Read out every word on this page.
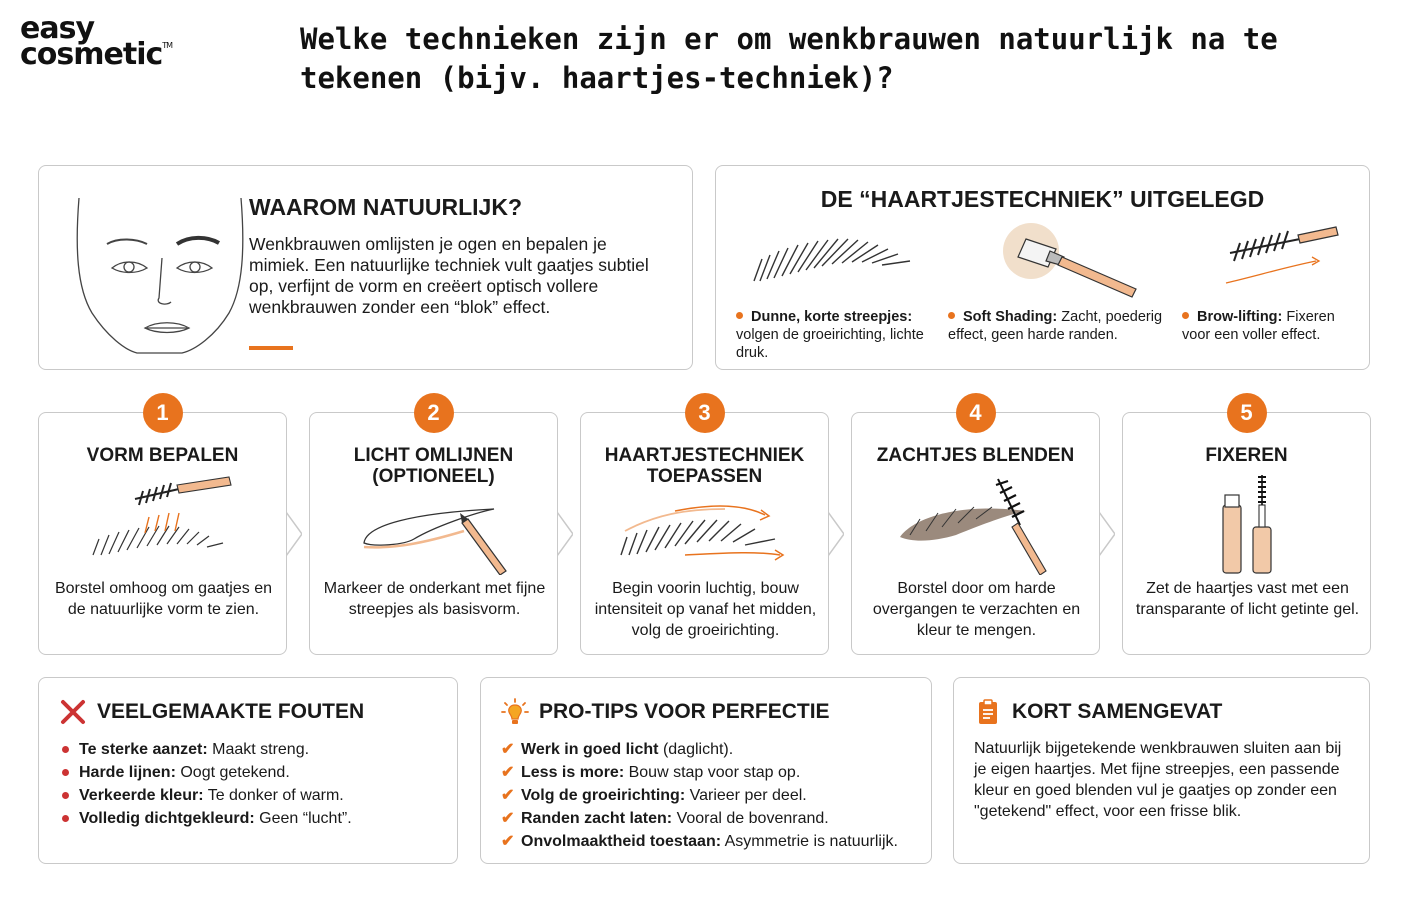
easy
cosmetic™	Welke technieken zijn er om wenkbrauwen natuurlijk na te tekenen (bijv. haartjes-techniek)?
WAAROM NATUURLIJK?

Wenkbrauwen omlijsten je ogen en bepalen je mimiek. Een natuurlijke techniek vult gaatjes subtiel op, verfijnt de vorm en creëert optisch vollere wenkbrauwen zonder een “blok” effect.

DE “HAARTJESTECHNIEK” UITGELEGD
Dunne, korte streepjes: volgen de groeirichting, lichte druk.
Soft Shading: Zacht, poederig effect, geen harde randen.
Brow-lifting: Fixeren voor een voller effect.
1
VORM BEPALEN
Borstel omhoog om gaatjes en de natuurlijke vorm te zien.
2
LICHT OMLIJNEN
(OPTIONEEL)
Markeer de onderkant met fijne streepjes als basisvorm.
3
HAARTJESTECHNIEK
TOEPASSEN
Begin voorin luchtig, bouw intensiteit op vanaf het midden, volg de groeirichting.
4
ZACHTJES BLENDEN
Borstel door om harde overgangen te verzachten en kleur te mengen.
5
FIXEREN
Zet de haartjes vast met een transparante of licht getinte gel.
VEELGEMAAKTE FOUTEN
Te sterke aanzet: Maakt streng.
Harde lijnen: Oogt getekend.
Verkeerde kleur: Te donker of warm.
Volledig dichtgekleurd: Geen “lucht”.
PRO-TIPS VOOR PERFECTIE
✔ Werk in goed licht (daglicht).
✔ Less is more: Bouw stap voor stap op.
✔ Volg de groeirichting: Varieer per deel.
✔ Randen zacht laten: Vooral de bovenrand.
✔ Onvolmaaktheid toestaan: Asymmetrie is natuurlijk.
KORT SAMENGEVAT

Natuurlijk bijgetekende wenkbrauwen sluiten aan bij je eigen haartjes. Met fijne streepjes, een passende kleur en goed blenden vul je gaatjes op zonder een "getekend" effect, voor een frisse blik.
